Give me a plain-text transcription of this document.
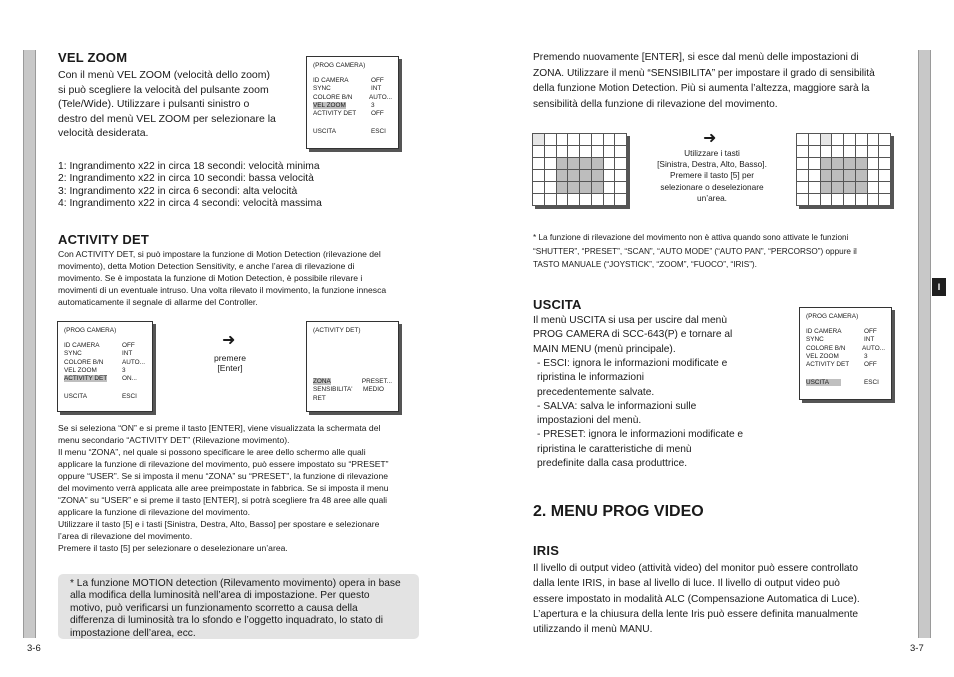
I
VEL ZOOM
Con il menù VEL ZOOM (velocità dello zoom)
si può scegliere la velocità del pulsante zoom
(Tele/Wide). Utilizzare i pulsanti sinistro o
destro del menù VEL ZOOM per selezionare la
velocità desiderata.
(PROG CAMERA)
ID CAMERA	OFF
SYNC	INT
COLORE B/N	AUTO...
VEL ZOOM	3
ACTIVITY DET	OFF
USCITA	ESCI
1: Ingrandimento x22 in circa 18 secondi: velocità minima
2: Ingrandimento x22 in circa 10 secondi: bassa velocità
3: Ingrandimento x22 in circa 6 secondi: alta velocità
4: Ingrandimento x22 in circa 4 secondi: velocità massima
ACTIVITY DET
Con ACTIVITY DET, si può impostare la funzione di Motion Detection (rilevazione del
movimento), detta Motion Detection Sensitivity, e anche l’area di rilevazione di
movimento. Se è impostata la funzione di Motion Detection, è possibile rilevare i
movimenti di un eventuale intruso. Una volta rilevato il movimento, la funzione innesca
automaticamente il segnale di allarme del Controller.
(PROG CAMERA)
ID CAMERA	OFF
SYNC	INT
COLORE B/N	AUTO...
VEL ZOOM	3
ACTIVITY DET	ON...
USCITA	ESCI
➜
premere
[Enter]
(ACTIVITY DET)
ZONA	PRESET...
SENSIBILITA'	MEDIO
RET
Se si seleziona “ON” e si preme il tasto [ENTER], viene visualizzata la schermata del
menu secondario “ACTIVITY DET” (Rilevazione movimento).
Il menu “ZONA”, nel quale si possono specificare le aree dello schermo alle quali
applicare la funzione di rilevazione del movimento, può essere impostato su “PRESET”
oppure “USER”. Se si imposta il menu “ZONA” su “PRESET”, la funzione di rilevazione
del movimento verrà applicata alle aree preimpostate in fabbrica. Se si imposta il menu
“ZONA” su “USER” e si preme il tasto [ENTER], si potrà scegliere fra 48 aree alle quali
applicare la funzione di rilevazione del movimento.
Utilizzare il tasto [5] e i tasti [Sinistra, Destra, Alto, Basso] per spostare e selezionare
l’area di rilevazione del movimento.
Premere il tasto [5] per selezionare o deselezionare un’area.
* La funzione MOTION detection (Rilevamento movimento) opera in base
alla modifica della luminosità nell’area di impostazione. Per questo
motivo, può verificarsi un funzionamento scorretto a causa della
differenza di luminosità tra lo sfondo e l’oggetto inquadrato, lo stato di
impostazione dell’area, ecc.
3-6
Premendo nuovamente [ENTER], si esce dal menù delle impostazioni di
ZONA. Utilizzare il menù “SENSIBILITA” per impostare il grado di sensibilità
della funzione Motion Detection. Più si aumenta l’altezza, maggiore sarà la
sensibilità della funzione di rilevazione del movimento.
➜
Utilizzare i tasti
[Sinistra, Destra, Alto, Basso].
Premere il tasto [5] per
selezionare o deselezionare
un’area.
* La funzione di rilevazione del movimento non è attiva quando sono attivate le funzioni
“SHUTTER”, “PRESET”, “SCAN”, “AUTO MODE” (“AUTO PAN”, “PERCORSO”) oppure il
TASTO MANUALE (“JOYSTICK”, “ZOOM”, “FUOCO”, “IRIS”).
USCITA
Il menù USCITA si usa per uscire dal menù
PROG CAMERA di SCC-643(P) e tornare al
MAIN MENU (menù principale).
- ESCI: ignora le informazioni modificate e
ripristina le informazioni
precedentemente salvate.
- SALVA: salva le informazioni sulle
impostazioni del menù.
- PRESET: ignora le informazioni modificate e
ripristina le caratteristiche di menù
predefinite dalla casa produttrice.
(PROG CAMERA)
ID CAMERA	OFF
SYNC	INT
COLORE B/N	AUTO...
VEL ZOOM	3
ACTIVITY DET	OFF
USCITA	ESCI
2. MENU PROG VIDEO
IRIS
Il livello di output video (attività video) del monitor può essere controllato
dalla lente IRIS, in base al livello di luce. Il livello di output video può
essere impostato in modalità ALC (Compensazione Automatica di Luce).
L’apertura e la chiusura della lente Iris può essere definita manualmente
utilizzando il menù MANU.
3-7
